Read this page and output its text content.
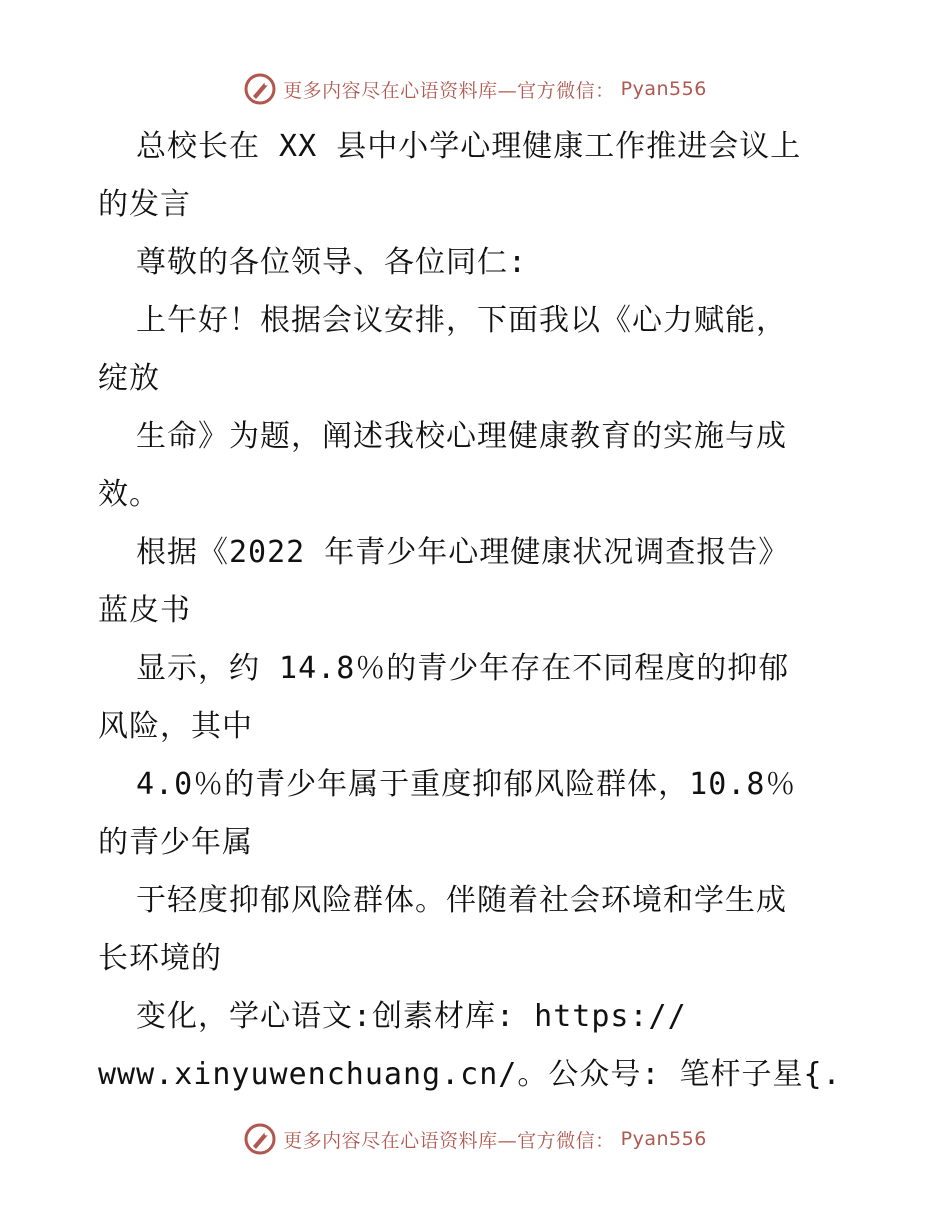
更多内容尽在心语资料库—官方微信： Pyan556
总校长在 XX 县中小学心理健康工作推进会议上
的发言
尊敬的各位领导、各位同仁:
上午好！根据会议安排，下面我以《心力赋能，
绽放
生命》为题，阐述我校心理健康教育的实施与成
效。
根据《2022 年青少年心理健康状况调查报告》
蓝皮书
显示，约 14.8％的青少年存在不同程度的抑郁
风险，其中
4.0％的青少年属于重度抑郁风险群体，10.8％
的青少年属
于轻度抑郁风险群体。伴随着社会环境和学生成
长环境的
变化，学心语文:创素材库: https://
www.xinyuwenchuang.cn/。公众号: 笔杆子星{.
更多内容尽在心语资料库—官方微信： Pyan556
